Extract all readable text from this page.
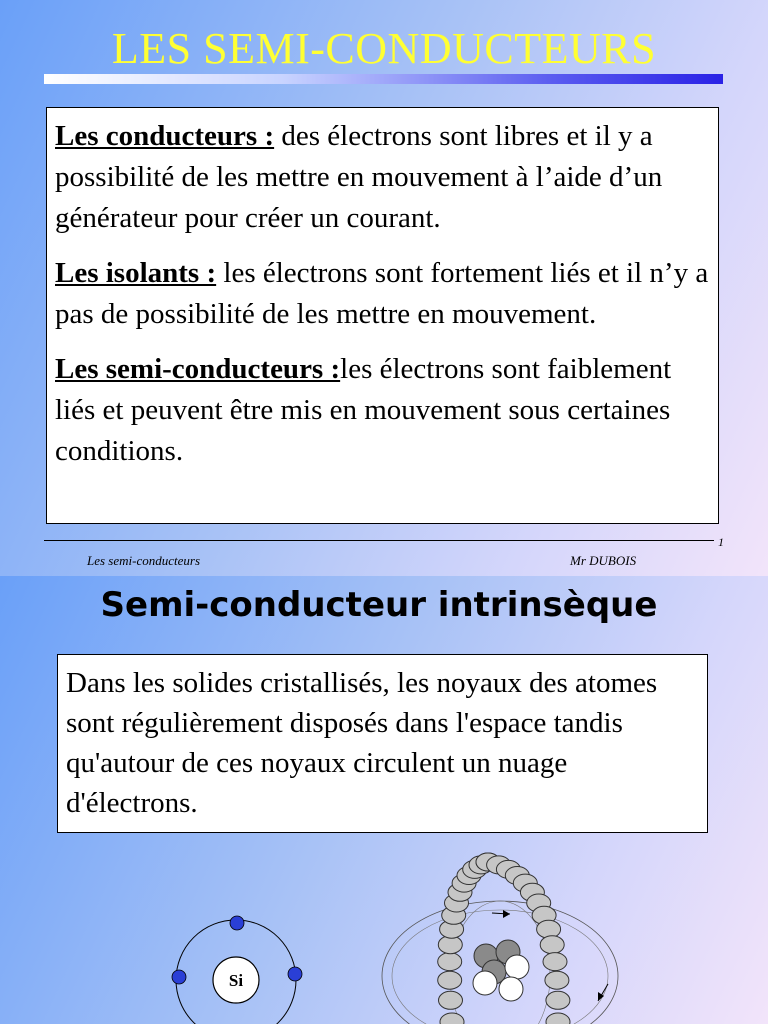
LES SEMI-CONDUCTEURS

Les conducteurs : des électrons sont libres et il y a possibilité de les mettre en mouvement à l’aide d’un générateur pour créer un courant.

Les isolants : les électrons sont fortement liés et il n’y a pas de possibilité de les mettre en mouvement.

Les semi-conducteurs :les électrons sont faiblement liés et peuvent être mis en mouvement sous certaines conditions.

Les semi-conducteurs	Mr DUBOIS
1
Semi-conducteur intrinsèque

Dans les solides cristallisés, les noyaux des atomes sont régulièrement disposés dans l'espace tandis qu'autour de ces noyaux circulent un nuage d'électrons.

Si
